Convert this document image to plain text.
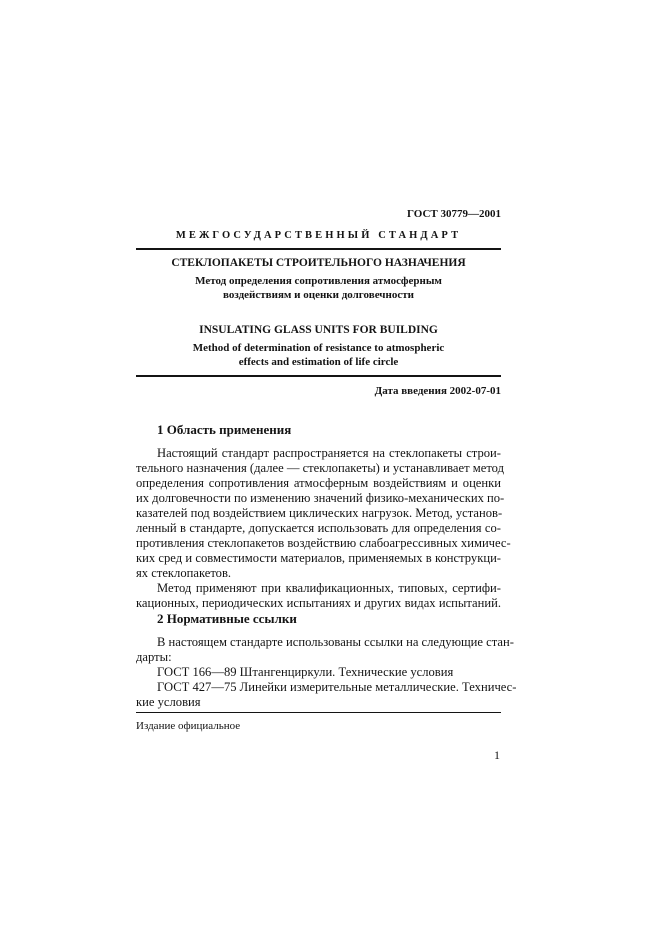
ГОСТ 30779—2001
МЕЖГОСУДАРСТВЕННЫЙ СТАНДАРТ
СТЕКЛОПАКЕТЫ СТРОИТЕЛЬНОГО НАЗНАЧЕНИЯ
Метод определения сопротивления атмосферным
воздействиям и оценки долговечности
INSULATING GLASS UNITS FOR BUILDING
Method of determination of resistance to atmospheric
effects and estimation of life circle
Дата введения 2002-07-01
1 Область применения
Настоящий стандарт распространяется на стеклопакеты строи-
тельного назначения (далее — стеклопакеты) и устанавливает метод
определения сопротивления атмосферным воздействиям и оценки
их долговечности по изменению значений физико-механических по-
казателей под воздействием циклических нагрузок. Метод, установ-
ленный в стандарте, допускается использовать для определения со-
противления стеклопакетов воздействию слабоагрессивных химичес-
ких сред и совместимости материалов, применяемых в конструкци-
ях стеклопакетов.
Метод применяют при квалификационных, типовых, сертифи-
кационных, периодических испытаниях и других видах испытаний.
2 Нормативные ссылки
В настоящем стандарте использованы ссылки на следующие стан-
дарты:
ГОСТ 166—89 Штангенциркули. Технические условия
ГОСТ 427—75 Линейки измерительные металлические. Техничес-
кие условия
Издание официальное
1
